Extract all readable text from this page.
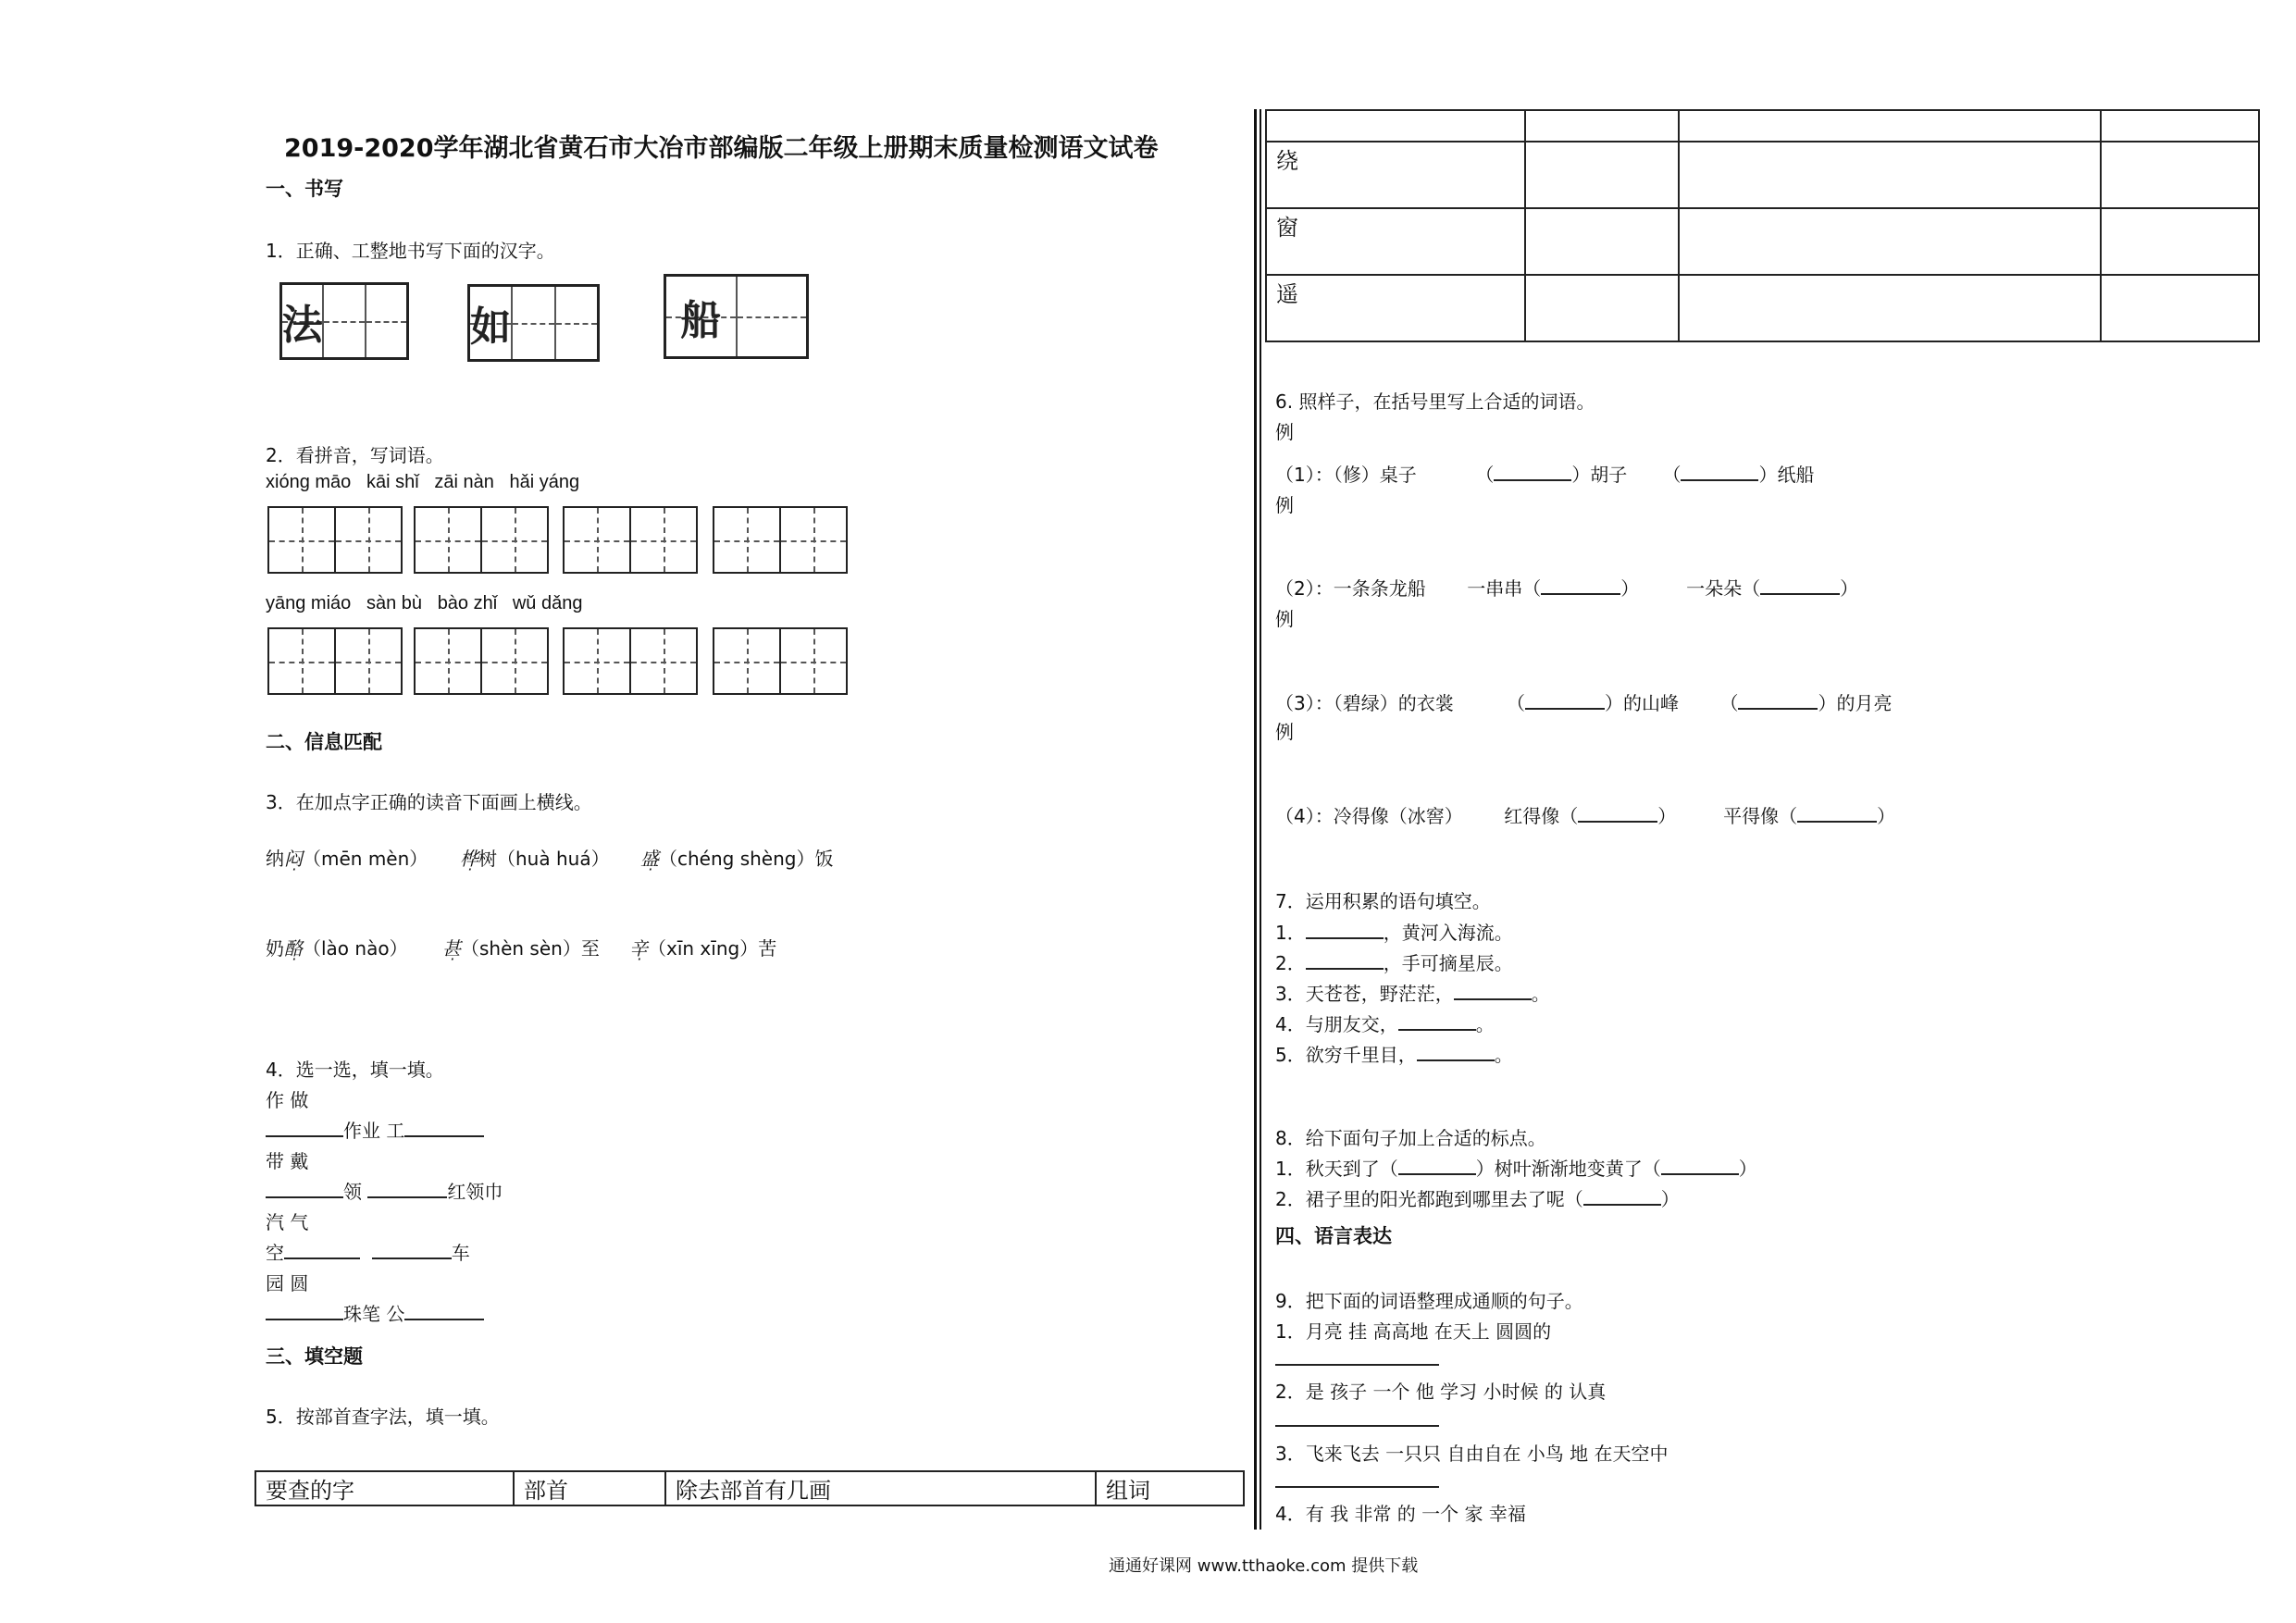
2019-2020学年湖北省黄石市大冶市部编版二年级上册期末质量检测语文试卷
一、书写
1．正确、工整地书写下面的汉字。
法	如	船
2．看拼音，写词语。
xióng māo kāi shǐ zāi nàn hǎi yáng
yāng miáo sàn bù bào zhǐ wǔ dǎng
二、信息匹配
3．在加点字正确的读音下面画上横线。
纳闷（mēn mèn） 桦树（huà huá） 盛（chéng shèng）饭
奶酪（lào nào） 甚（shèn sèn）至 辛（xīn xīng）苦
4．选一选，填一填。
作 做
作业 工
带 戴
领	红领巾
汽 气
空	车
园 圆
珠笔 公
三、填空题
5．按部首查字法，填一填。
要查的字	部首	除去部首有几画	组词
通通好课网 www.tthaoke.com 提供下载

绕			
窗			
遥			
6. 照样子，在括号里写上合适的词语。
例
（1）：（修）桌子	（	）胡子 （	）纸船
例
（2）：一条条龙船 一串串（	）	一朵朵（	）
例
（3）：（碧绿）的衣裳	（	）的山峰 （	）的月亮
例
（4）：冷得像（冰窖） 红得像（	）	平得像（	）
7．运用积累的语句填空。
1．	，黄河入海流。
2．	，手可摘星辰。
3．天苍苍，野茫茫，	。
4．与朋友交，	。
5．欲穷千里目，	。
8．给下面句子加上合适的标点。
1．秋天到了（	）树叶渐渐地变黄了（	）
2．裙子里的阳光都跑到哪里去了呢（	）
四、语言表达
9．把下面的词语整理成通顺的句子。
1．月亮 挂 高高地 在天上 圆圆的
2．是 孩子 一个 他 学习 小时候 的 认真
3．飞来飞去 一只只 自由自在 小鸟 地 在天空中
4．有 我 非常 的 一个 家 幸福
